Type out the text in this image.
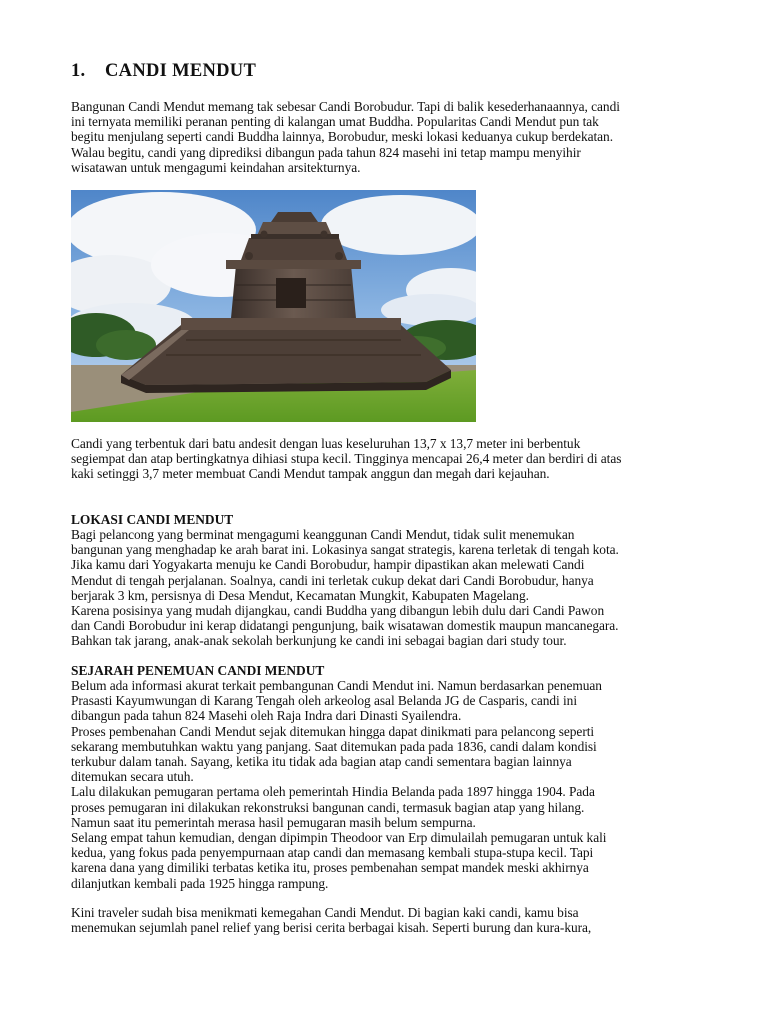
1. CANDI MENDUT
Bangunan Candi Mendut memang tak sebesar Candi Borobudur. Tapi di balik kesederhanaannya, candi
ini ternyata memiliki peranan penting di kalangan umat Buddha. Popularitas Candi Mendut pun tak
begitu menjulang seperti candi Buddha lainnya, Borobudur, meski lokasi keduanya cukup berdekatan.
Walau begitu, candi yang diprediksi dibangun pada tahun 824 masehi ini tetap mampu menyihir
wisatawan untuk mengagumi keindahan arsitekturnya.
Candi yang terbentuk dari batu andesit dengan luas keseluruhan 13,7 x 13,7 meter ini berbentuk
segiempat dan atap bertingkatnya dihiasi stupa kecil. Tingginya mencapai 26,4 meter dan berdiri di atas
kaki setinggi 3,7 meter membuat Candi Mendut tampak anggun dan megah dari kejauhan.
LOKASI CANDI MENDUT
Bagi pelancong yang berminat mengagumi keanggunan Candi Mendut, tidak sulit menemukan
bangunan yang menghadap ke arah barat ini. Lokasinya sangat strategis, karena terletak di tengah kota.
Jika kamu dari Yogyakarta menuju ke Candi Borobudur, hampir dipastikan akan melewati Candi
Mendut di tengah perjalanan. Soalnya, candi ini terletak cukup dekat dari Candi Borobudur, hanya
berjarak 3 km, persisnya di Desa Mendut, Kecamatan Mungkit, Kabupaten Magelang.
Karena posisinya yang mudah dijangkau, candi Buddha yang dibangun lebih dulu dari Candi Pawon
dan Candi Borobudur ini kerap didatangi pengunjung, baik wisatawan domestik maupun mancanegara.
Bahkan tak jarang, anak-anak sekolah berkunjung ke candi ini sebagai bagian dari study tour.
SEJARAH PENEMUAN CANDI MENDUT
Belum ada informasi akurat terkait pembangunan Candi Mendut ini. Namun berdasarkan penemuan
Prasasti Kayumwungan di Karang Tengah oleh arkeolog asal Belanda JG de Casparis, candi ini
dibangun pada tahun 824 Masehi oleh Raja Indra dari Dinasti Syailendra.
Proses pembenahan Candi Mendut sejak ditemukan hingga dapat dinikmati para pelancong seperti
sekarang membutuhkan waktu yang panjang. Saat ditemukan pada pada 1836, candi dalam kondisi
terkubur dalam tanah. Sayang, ketika itu tidak ada bagian atap candi sementara bagian lainnya
ditemukan secara utuh.
Lalu dilakukan pemugaran pertama oleh pemerintah Hindia Belanda pada 1897 hingga 1904. Pada
proses pemugaran ini dilakukan rekonstruksi bangunan candi, termasuk bagian atap yang hilang.
Namun saat itu pemerintah merasa hasil pemugaran masih belum sempurna.
Selang empat tahun kemudian, dengan dipimpin Theodoor van Erp dimulailah pemugaran untuk kali
kedua, yang fokus pada penyempurnaan atap candi dan memasang kembali stupa-stupa kecil. Tapi
karena dana yang dimiliki terbatas ketika itu, proses pembenahan sempat mandek meski akhirnya
dilanjutkan kembali pada 1925 hingga rampung.
Kini traveler sudah bisa menikmati kemegahan Candi Mendut. Di bagian kaki candi, kamu bisa
menemukan sejumlah panel relief yang berisi cerita berbagai kisah. Seperti burung dan kura-kura,
